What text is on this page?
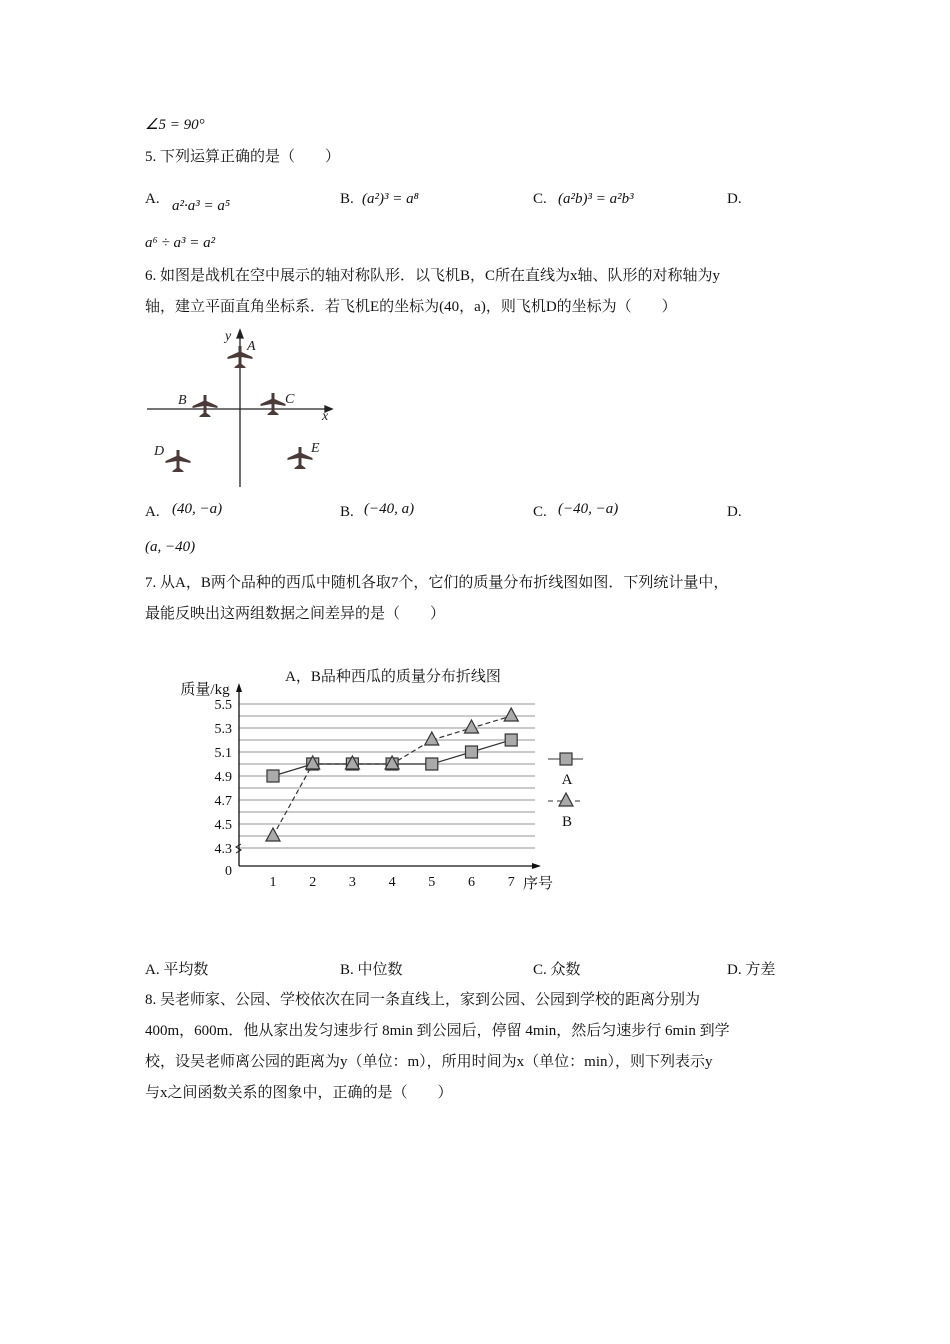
∠5 = 90°
5. 下列运算正确的是（　　）
A. a²·a³ = a⁵	B. (a²)³ = a⁸	C. (a²b)³ = a²b³	D.
a⁶ ÷ a³ = a²
6. 如图是战机在空中展示的轴对称队形．以飞机B，C所在直线为x轴、队形的对称轴为y
轴，建立平面直角坐标系．若飞机E的坐标为(40，a)，则飞机D的坐标为（　　）
y
A
B	C
x
D	E
A，B品种西瓜的质量分布折线图
质量/kg
序号
5.5
5.3
5.1
4.9
4.7
4.5
4.3
0
1 2 3 4 5 6 7
A
B
A. (40, −a)	B. (−40, a)	C. (−40, −a)	D.
(a, −40)
7. 从A，B两个品种的西瓜中随机各取7个，它们的质量分布折线图如图．下列统计量中，
最能反映出这两组数据之间差异的是（　　）
A. 平均数	B. 中位数	C. 众数	D. 方差
8. 吴老师家、公园、学校依次在同一条直线上，家到公园、公园到学校的距离分别为
400m，600m．他从家出发匀速步行 8min 到公园后，停留 4min，然后匀速步行 6min 到学
校，设吴老师离公园的距离为y（单位：m），所用时间为x（单位：min），则下列表示y
与x之间函数关系的图象中，正确的是（　　）
